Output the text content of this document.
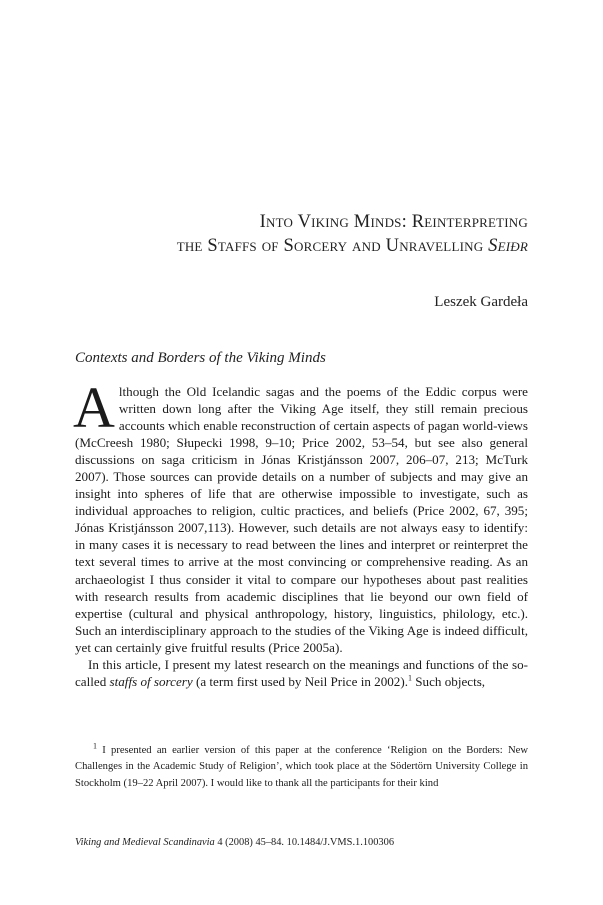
Into Viking Minds: Reinterpreting
the Staffs of Sorcery and Unravelling Seiðr
Leszek Gardeła
Contexts and Borders of the Viking Minds

Although the Old Icelandic sagas and the poems of the Eddic corpus were written down long after the Viking Age itself, they still remain precious accounts which enable reconstruction of certain aspects of pagan world-views (McCreesh 1980; Słupecki 1998, 9–10; Price 2002, 53–54, but see also general discussions on saga criticism in Jónas Kristjánsson 2007, 206–07, 213; McTurk 2007). Those sources can provide details on a number of subjects and may give an insight into spheres of life that are otherwise impossible to investigate, such as individual approaches to religion, cultic practices, and beliefs (Price 2002, 67, 395; Jónas Kristjánsson 2007,113). However, such details are not always easy to identify: in many cases it is necessary to read between the lines and interpret or reinterpret the text several times to arrive at the most convincing or comprehensive reading. As an archaeologist I thus consider it vital to compare our hypotheses about past realities with research results from academic disciplines that lie beyond our own field of expertise (cultural and physical anthropology, history, linguistics, philology, etc.). Such an interdisciplinary approach to the studies of the Viking Age is indeed difficult, yet can certainly give fruitful results (Price 2005a).

In this article, I present my latest research on the meanings and functions of the so-called staffs of sorcery (a term first used by Neil Price in 2002).$^1$ Such objects,

$^1$ I presented an earlier version of this paper at the conference ‘Religion on the Borders: New Challenges in the Academic Study of Religion’, which took place at the Södertörn University College in Stockholm (19–22 April 2007). I would like to thank all the participants for their kind

Viking and Medieval Scandinavia 4 (2008) 45–84. 10.1484/J.VMS.1.100306
